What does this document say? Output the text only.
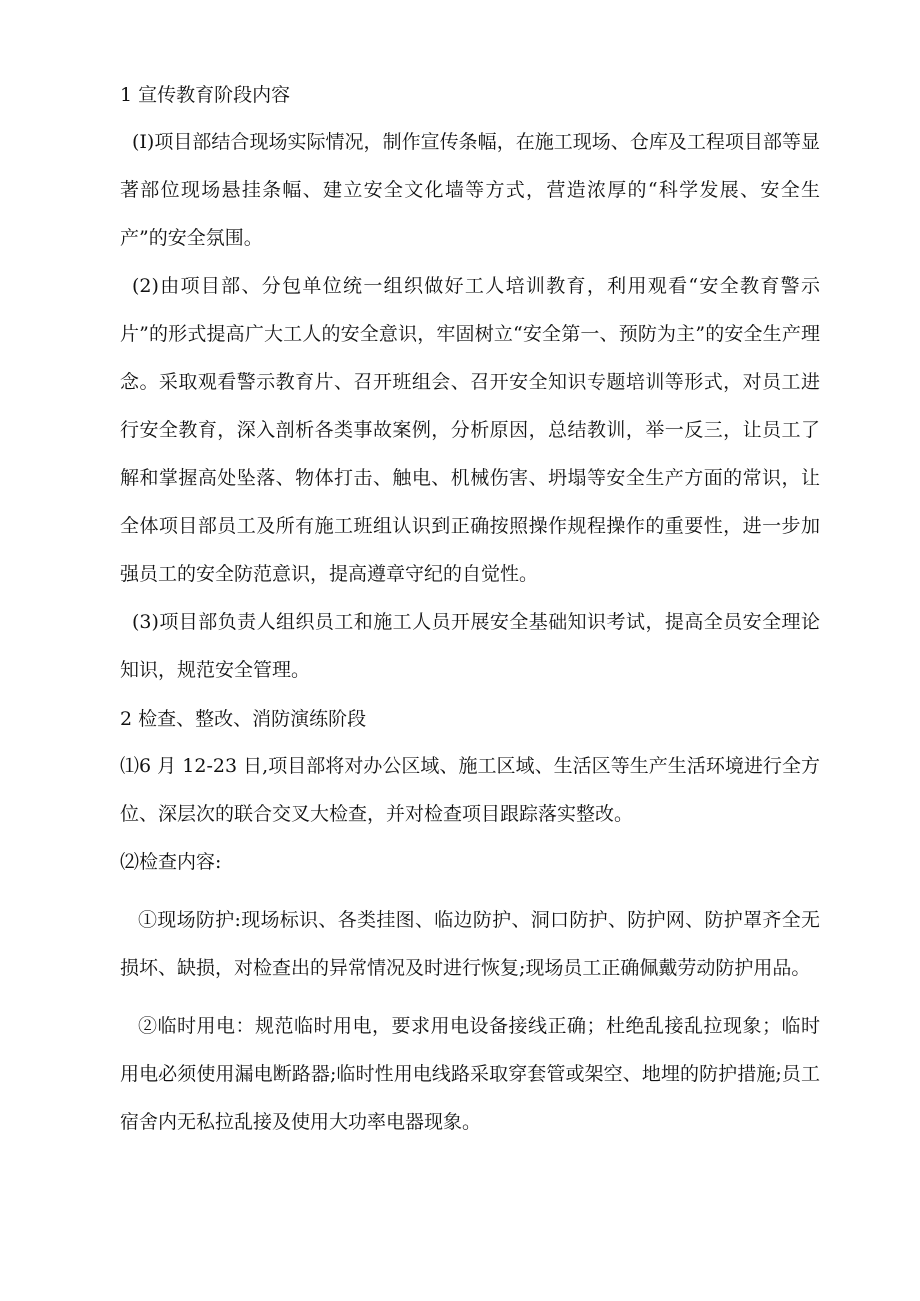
1 宣传教育阶段内容

(I)项目部结合现场实际情况，制作宣传条幅，在施工现场、仓库及工程项目部等显著部位现场悬挂条幅、建立安全文化墙等方式，营造浓厚的“科学发展、安全生产”的安全氛围。

(2)由项目部、分包单位统一组织做好工人培训教育，利用观看“安全教育警示片”的形式提高广大工人的安全意识，牢固树立“安全第一、预防为主”的安全生产理念。采取观看警示教育片、召开班组会、召开安全知识专题培训等形式，对员工进行安全教育，深入剖析各类事故案例，分析原因，总结教训，举一反三，让员工了解和掌握高处坠落、物体打击、触电、机械伤害、坍塌等安全生产方面的常识，让全体项目部员工及所有施工班组认识到正确按照操作规程操作的重要性，进一步加强员工的安全防范意识，提高遵章守纪的自觉性。

(3)项目部负责人组织员工和施工人员开展安全基础知识考试，提高全员安全理论知识，规范安全管理。

2 检查、整改、消防演练阶段

⑴6 月 12-23 日,项目部将对办公区域、施工区域、生活区等生产生活环境进行全方位、深层次的联合交叉大检查，并对检查项目跟踪落实整改。

⑵检查内容:

①现场防护:现场标识、各类挂图、临边防护、洞口防护、防护网、防护罩齐全无损坏、缺损，对检查出的异常情况及时进行恢复;现场员工正确佩戴劳动防护用品。

②临时用电：规范临时用电，要求用电设备接线正确；杜绝乱接乱拉现象；临时用电必须使用漏电断路器;临时性用电线路采取穿套管或架空、地埋的防护措施;员工宿舍内无私拉乱接及使用大功率电器现象。
